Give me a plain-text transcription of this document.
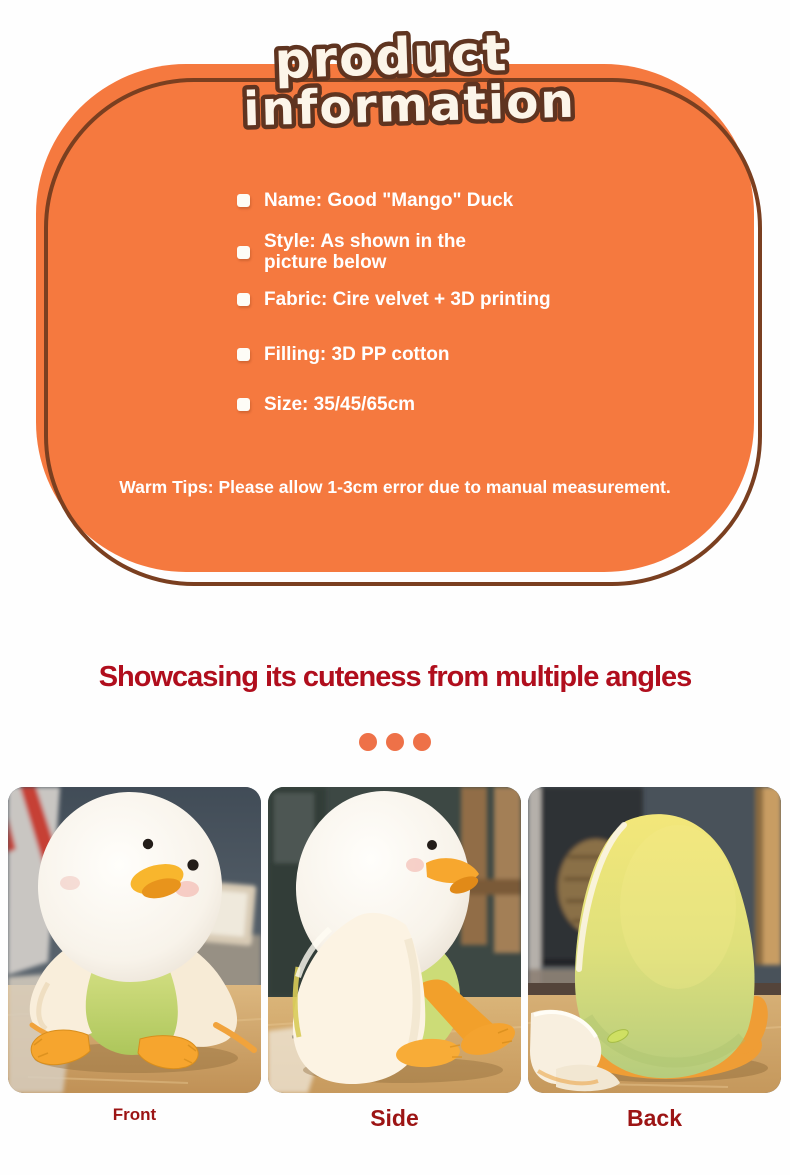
product
information
Name: Good "Mango" Duck
Style: As shown in the picture below
Fabric: Cire velvet + 3D printing
Filling: 3D PP cotton
Size: 35/45/65cm
Warm Tips: Please allow 1-3cm error due to manual measurement.
Showcasing its cuteness from multiple angles
Front	Side	Back
